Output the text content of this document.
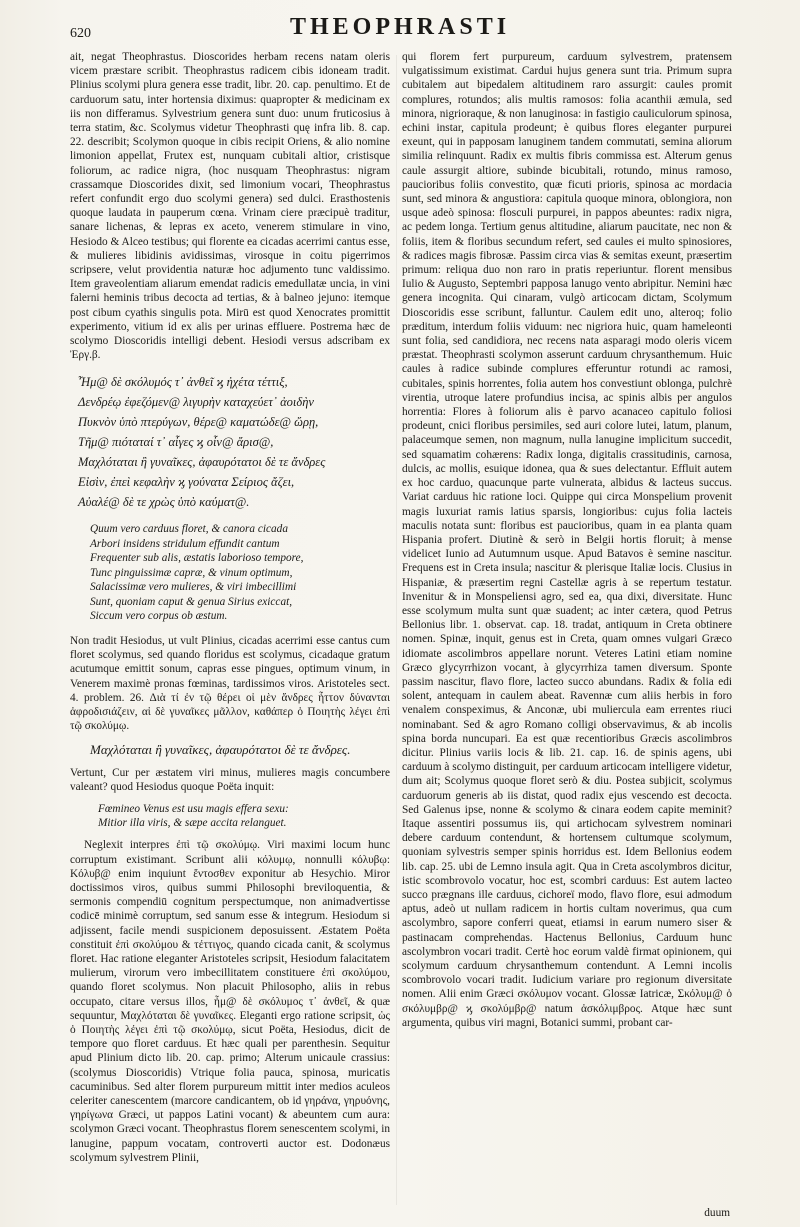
620	THEOPHRASTI

ait, negat Theophrastus. Dioscorides herbam recens natam oleris vicem præstare scribit. Theophrastus radicem cibis idoneam tradit. Plinius scolymi plura genera esse tradit, libr. 20. cap. penultimo. Et de carduorum satu, inter hortensia diximus: quapropter & medicinam ex iis non differamus. Sylvestrium genera sunt duo: unum fruticosius à terra statim, &c. Scolymus videtur Theophrasti quę infra lib. 8. cap. 22. describit; Scolymon quoque in cibis recipit Oriens, & alio nomine limonion appellat, Frutex est, nunquam cubitali altior, cristisque foliorum, ac radice nigra, (hoc nusquam Theophrastus: nigram crassamque Dioscorides dixit, sed limonium vocari, Theophrastus refert confundit ergo duo scolymi genera) sed dulci. Erasthostenis quoque laudata in pauperum cœna. Vrinam ciere præcipuè traditur, sanare lichenas, & lepras ex aceto, venerem stimulare in vino, Hesiodo & Alceo testibus; qui florente ea cicadas acerrimi cantus esse, & mulieres libidinis avidissimas, virosque in coitu pigerrimos scripsere, velut providentia naturæ hoc adjumento tunc valdissimo. Item graveolentiam aliarum emendat radicis emedullatæ uncia, in vini falerni heminis tribus decocta ad tertias, & à balneo jejuno: itemque post cibum cyathis singulis pota. Mirū est quod Xenocrates promittit experimento, vitium id ex alis per urinas effluere. Postrema hæc de scolymo Dioscoridis intelligi debent. Hesiodi versus adscribam ex Ἐργ.β.

Ἦμ@ δὲ σκόλυμός τ᾽ ἀνθεῖ ϗ ἠχέτα τέττιξ,
Δενδρέῳ ἐφεζόμεν@ λιγυρὴν καταχεύετ᾽ ἀοιδὴν
Πυκνὸν ὑπὸ πτερύγων, θέρε@ καματώδε@ ὥρῃ,
Τῆμ@ πιόταταί τ᾽ αἶγες ϗ οἶν@ ἄρισ@,
Μαχλόταται ἢ γυναῖκες, ἀφαυρότατοι δὲ τε ἄνδρες
Εἰσὶν, ἐπεὶ κεφαλὴν ϗ γούνατα Σείριος ἄζει,
Αὐαλέ@ δὲ τε χρὼς ὑπὸ καύματ@.
Quum vero carduus floret, & canora cicada
Arbori insidens stridulum effundit cantum
Frequenter sub alis, æstatis laborioso tempore,
Tunc pinguissimæ capræ, & vinum optimum,
Salacissimæ vero mulieres, & viri imbecillimi
Sunt, quoniam caput & genua Sirius exiccat,
Siccum vero corpus ob æstum.

Non tradit Hesiodus, ut vult Plinius, cicadas acerrimi esse cantus cum floret scolymus, sed quando floridus est scolymus, cicadaque gratum acutumque emittit sonum, capras esse pingues, optimum vinum, in Venerem maximè pronas fœminas, tardissimos viros. Aristoteles sect. 4. problem. 26. Διὰ τί ἐν τῷ θέρει οἱ μὲν ἄνδρες ἧττον δύνανται ἀφροδισιάζειν, αἱ δὲ γυναῖκες μᾶλλον, καθάπερ ὁ Ποιητὴς λέγει ἐπὶ τῷ σκολύμῳ.

Μαχλόταται ἢ γυναῖκες, ἀφαυρότατοι δὲ τε ἄνδρες.

Vertunt, Cur per æstatem viri minus, mulieres magis concumbere valeant? quod Hesiodus quoque Poëta inquit:

Fœmineo Venus est usu magis effera sexu:
Mitior illa viris, & sæpe accita relanguet.

Neglexit interpres ἐπὶ τῷ σκολύμῳ. Viri maximi locum hunc corruptum existimant. Scribunt alii κόλυμῳ, nonnulli κόλυβῳ: Κόλυβ@ enim inquiunt ἔντοσθεν exponitur ab Hesychio. Miror doctissimos viros, quibus summi Philosophi breviloquentia, & sermonis compendiū cognitum perspectumque, non animadvertisse codicē minimè corruptum, sed sanum esse & integrum. Hesiodum si adjissent, facile mendi suspicionem deposuissent. Æstatem Poëta constituit ἐπὶ σκολύμου & τέττιγος, quando cicada canit, & scolymus floret. Hac ratione eleganter Aristoteles scripsit, Hesiodum falacitatem mulierum, virorum vero imbecillitatem constituere ἐπὶ σκολύμου, quando floret scolymus. Non placuit Philosopho, aliis in rebus occupato, citare versus illos, ἦμ@ δὲ σκόλυμος τ᾽ ἀνθεῖ, & quæ sequuntur, Μαχλόταται δὲ γυναῖκες. Eleganti ergo ratione scripsit, ὡς ὁ Ποιητὴς λέγει ἐπὶ τῷ σκολύμῳ, sicut Poëta, Hesiodus, dicit de tempore quo floret carduus. Et hæc quali per parenthesin. Sequitur apud Plinium dicto lib. 20. cap. primo; Alterum unicaule crassius: (scolymus Dioscoridis) Vtrique folia pauca, spinosa, muricatis cacuminibus. Sed alter florem purpureum mittit inter medios aculeos celeriter canescentem (marcore candicantem, ob id γηράνα, γηρυόνης, γηρίγωνα Græci, ut pappos Latini vocant) & abeuntem cum aura: scolymon Græci vocant. Theophrastus florem senescentem scolymi, in lanugine, pappum vocatam, controverti auctor est. Dodonæus scolymum sylvestrem Plinii,

qui florem fert purpureum, carduum sylvestrem, pratensem vulgatissimum existimat. Cardui hujus genera sunt tria. Primum supra cubitalem aut bipedalem altitudinem raro assurgit: caules promit complures, rotundos; alis multis ramosos: folia acanthii æmula, sed minora, nigrioraque, & non lanuginosa: in fastigio cauliculorum spinosa, echini instar, capitula prodeunt; è quibus flores eleganter purpurei exeunt, qui in papposam lanuginem tandem commutati, semina aliorum similia relinquunt. Radix ex multis fibris commissa est. Alterum genus caule assurgit altiore, subinde bicubitali, rotundo, minus ramoso, paucioribus foliis convestito, quæ ficuti prioris, spinosa ac mordacia sunt, sed minora & angustiora: capitula quoque minora, oblongiora, non usque adeò spinosa: flosculi purpurei, in pappos abeuntes: radix nigra, ac pedem longa. Tertium genus altitudine, aliarum paucitate, nec non & foliis, item & floribus secundum refert, sed caules ei multo spinosiores, & radices magis fibrosæ. Passim circa vias & semitas exeunt, præsertim primum: reliqua duo non raro in pratis reperiuntur. florent mensibus Iulio & Augusto, Septembri papposa lanugo vento abripitur. Nemini hæc genera incognita. Qui cinaram, vulgò articocam dictam, Scolymum Dioscoridis esse scribunt, falluntur. Caulem edit uno, alteroq; folio præditum, interdum foliis viduum: nec nigriora huic, quam hameleonti sunt folia, sed candidiora, nec recens nata asparagi modo oleris vicem præstat. Theophrasti scolymon asserunt carduum chrysanthemum. Huic caules à radice subinde complures efferuntur rotundi ac ramosi, cubitales, spinis horrentes, folia autem hos convestiunt oblonga, pulchrè virentia, utroque latere profundius incisa, ac spinis albis per angulos horrentia: Flores à foliorum alis è parvo acanaceo capitulo foliosi prodeunt, cnici floribus persimiles, sed auri colore lutei, latum, planum, palaceumque semen, non magnum, nulla lanugine implicitum succedit, sed squamatim cohærens: Radix longa, digitalis crassitudinis, carnosa, dulcis, ac mollis, esuique idonea, qua & sues delectantur. Effluit autem ex hoc carduo, quacunque parte vulnerata, albidus & lacteus succus. Variat carduus hic ratione loci. Quippe qui circa Monspelium provenit magis luxuriat ramis latius sparsis, longioribus: cujus folia lacteis maculis notata sunt: floribus est paucioribus, quam in ea planta quam Hispania profert. Diutinè & serò in Belgii hortis floruit; à mense videlicet Iunio ad Autumnum usque. Apud Batavos è semine nascitur. Frequens est in Creta insula; nascitur & plerisque Italiæ locis. Clusius in Hispaniæ, & præsertim regni Castellæ agris à se repertum testatur. Invenitur & in Monspeliensi agro, sed ea, qua dixi, diversitate. Hunc esse scolymum multa sunt quæ suadent; ac inter cætera, quod Petrus Bellonius libr. 1. observat. cap. 18. tradat, antiquum in Creta obtinere nomen. Spinæ, inquit, genus est in Creta, quam omnes vulgari Græco idiomate ascolimbros appellare norunt. Veteres Latini etiam nomine Græco glycyrrhizon vocant, à glycyrrhiza tamen diversum. Sponte passim nascitur, flavo flore, lacteo succo abundans. Radix & folia edi solent, antequam in caulem abeat. Ravennæ cum aliis herbis in foro venalem conspeximus, & Anconæ, ubi muliercula eam errentes riuci nominabant. Sed & agro Romano colligi observavimus, & ab incolis spina borda nuncupari. Ea est quæ recentioribus Græcis ascolimbros dicitur. Plinius variis locis & lib. 21. cap. 16. de spinis agens, ubi carduum à scolymo distinguit, per carduum articocam intelligere videtur, dum ait; Scolymus quoque floret serò & diu. Postea subjicit, scolymus carduorum generis ab iis distat, quod radix ejus vescendo est decocta. Sed Galenus ipse, nonne & scolymo & cinara eodem capite meminit? Itaque assentiri possumus iis, qui artichocam sylvestrem nominari debere carduum contendunt, & hortensem cultumque scolymum, quoniam sylvestris semper spinis horridus est. Idem Bellonius eodem lib. cap. 25. ubi de Lemno insula agit. Qua in Creta ascolymbros dicitur, istic scombrovolo vocatur, hoc est, scombri carduus: Est autem lacteo succo prægnans ille carduus, cichoreï modo, flavo flore, esui admodum aptus, adeò ut nullam radicem in hortis cultam noverimus, qua cum ascolymbro, sapore conferri queat, etiamsi in earum numero siser & pastinacam comprehendas. Hactenus Bellonius, Carduum hunc ascolymbron vocari tradit. Certè hoc eorum valdè firmat opinionem, qui scolymum carduum chrysanthemum contendunt. A Lemni incolis scombrovolo vocari tradit. Iudicium variare pro regionum diversitate nomen. Alii enim Græci σκόλυμον vocant. Glossæ Iatricæ, Σκόλυμ@ ὁ σκόλυμβρ@ ϗ σκολύμβρ@ natum ἀσκόλιμβρος. Atque hæc sunt argumenta, quibus viri magni, Botanici summi, probant car-

duum
